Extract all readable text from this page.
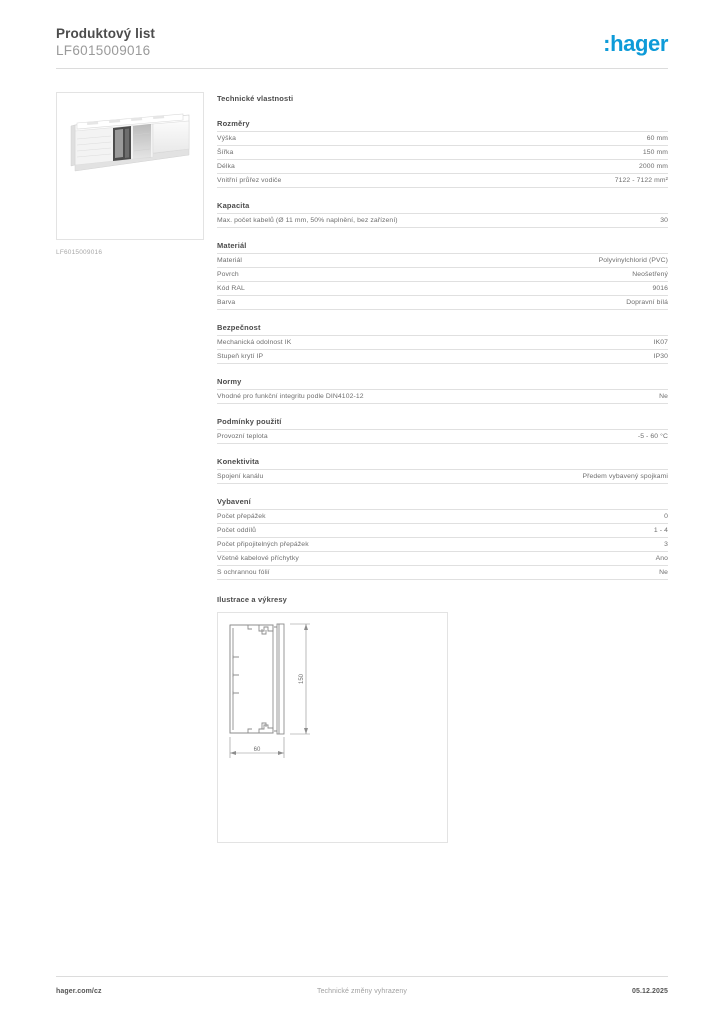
Produktový list
LF6015009016	:hager
LF6015009016
Technické vlastnosti
Rozměry
Výška	60 mm
Šířka	150 mm
Délka	2000 mm
Vnitřní průřez vodiče	7122 - 7122 mm²
Kapacita
Max. počet kabelů (Ø 11 mm, 50% naplnění, bez zařízení)	30
Materiál
Materiál	Polyvinylchlorid (PVC)
Povrch	Neošetřený
Kód RAL	9016
Barva	Dopravní bílá
Bezpečnost
Mechanická odolnost IK	IK07
Stupeň krytí IP	IP30
Normy
Vhodné pro funkční integritu podle DIN4102-12	Ne
Podmínky použití
Provozní teplota	-5 - 60 °C
Konektivita
Spojení kanálu	Předem vybavený spojkami
Vybavení
Počet přepážek	0
Počet oddílů	1 - 4
Počet připojitelných přepážek	3
Včetně kabelové příchytky	Ano
S ochrannou fólií	Ne
Ilustrace a výkresy
150
60
hager.com/cz	Technické změny vyhrazeny	05.12.2025
